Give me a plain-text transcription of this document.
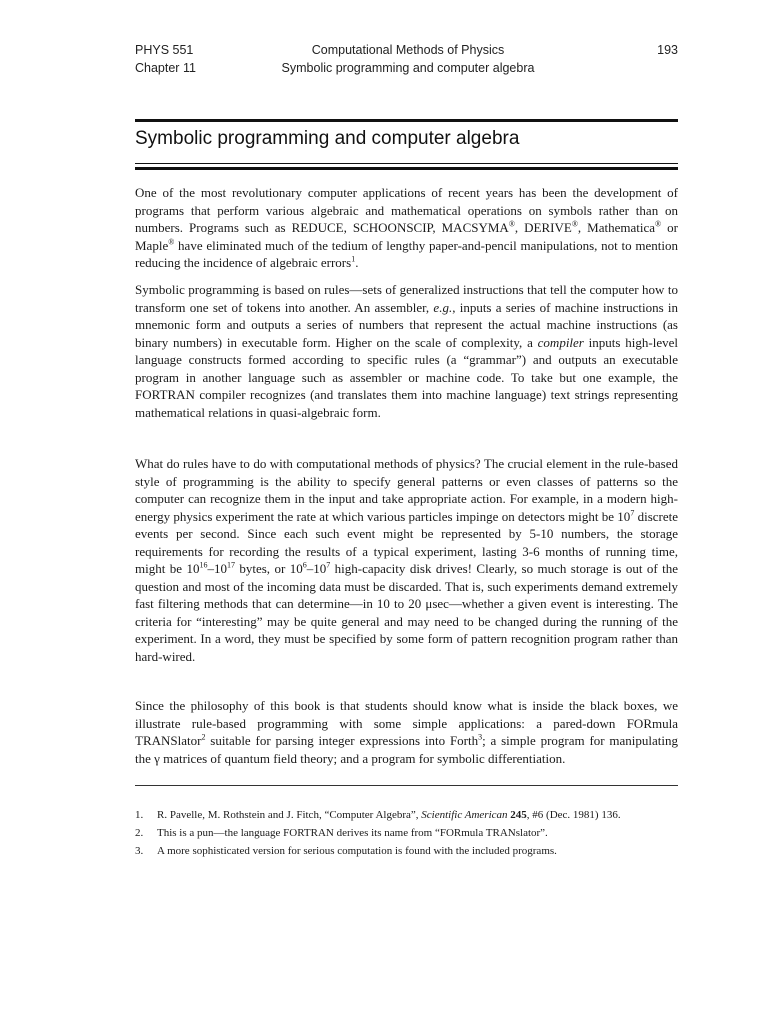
PHYS 551
Chapter 11
Computational Methods of Physics
Symbolic programming and computer algebra
193
Symbolic programming and computer algebra
One of the most revolutionary computer applications of recent years has been the development of programs that perform various algebraic and mathematical operations on symbols rather than on numbers. Programs such as REDUCE, SCHOONSCIP, MACSYMA®, DERIVE®, Mathematica® or Maple® have eliminated much of the tedium of lengthy paper-and-pencil manipulations, not to mention reducing the incidence of algebraic errors$^1$.
Symbolic programming is based on rules—sets of generalized instructions that tell the computer how to transform one set of tokens into another. An assembler, e.g., inputs a series of machine instructions in mnemonic form and outputs a series of numbers that represent the actual machine instructions (as binary numbers) in executable form. Higher on the scale of complexity, a compiler inputs high-level language constructs formed according to specific rules (a “grammar”) and outputs an executable program in another language such as assembler or machine code. To take but one example, the FORTRAN compiler recognizes (and translates them into machine language) text strings representing mathematical relations in quasi-algebraic form.
What do rules have to do with computational methods of physics? The crucial element in the rule-based style of programming is the ability to specify general patterns or even classes of patterns so the computer can recognize them in the input and take appropriate action. For example, in a modern high-energy physics experiment the rate at which various particles impinge on detectors might be $10^7$ discrete events per second. Since each such event might be represented by 5-10 numbers, the storage requirements for recording the results of a typical experiment, lasting 3-6 months of running time, might be $10^{16}-10^{17}$ bytes, or $10^6-10^7$ high-capacity disk drives! Clearly, so much storage is out of the question and most of the incoming data must be discarded. That is, such experiments demand extremely fast filtering methods that can determine—in 10 to 20 μsec—whether a given event is interesting. The criteria for “interesting” may be quite general and may need to be changed during the running of the experiment. In a word, they must be specified by some form of pattern recognition program rather than hard-wired.
Since the philosophy of this book is that students should know what is inside the black boxes, we illustrate rule-based programming with some simple applications: a pared-down FORmula TRANSlator$^2$ suitable for parsing integer expressions into Forth$^3$; a simple program for manipulating the γ matrices of quantum field theory; and a program for symbolic differentiation.
1.	R. Pavelle, M. Rothstein and J. Fitch, “Computer Algebra”, Scientific American 245, #6 (Dec. 1981) 136.
2.	This is a pun—the language FORTRAN derives its name from “FORmula TRANslator”.
3.	A more sophisticated version for serious computation is found with the included programs.
